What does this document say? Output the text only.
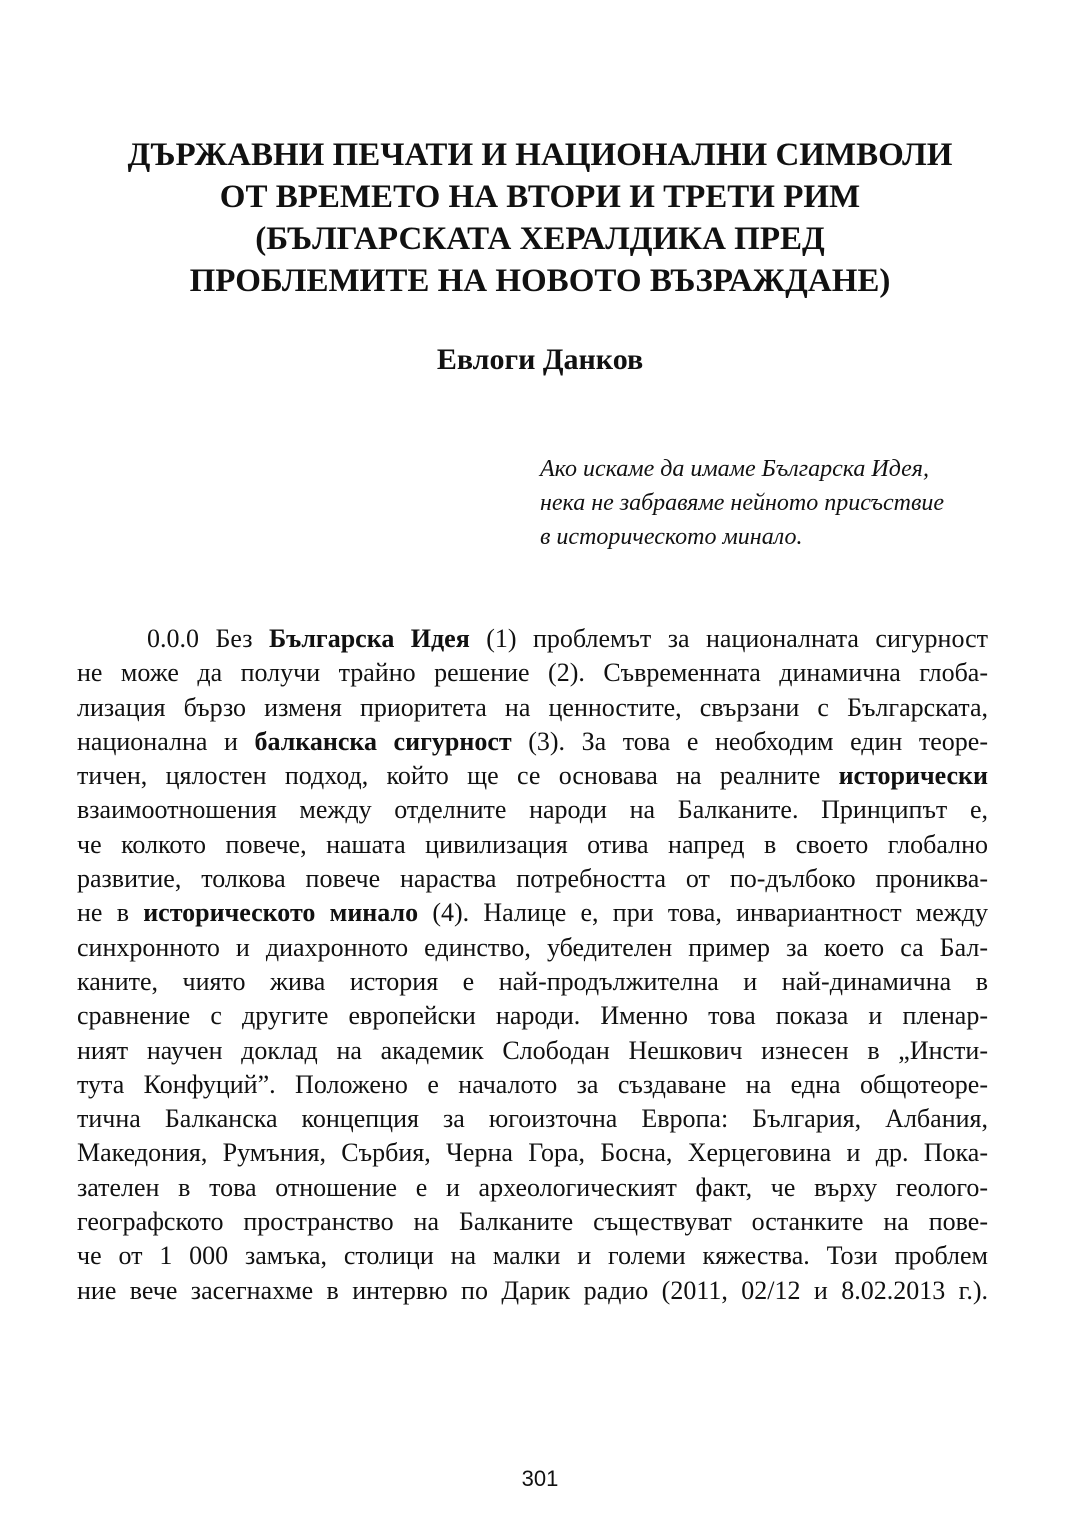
ДЪРЖАВНИ ПЕЧАТИ И НАЦИОНАЛНИ СИМВОЛИ
ОТ ВРЕМЕТО НА ВТОРИ И ТРЕТИ РИМ
(БЪЛГАРСКАТА ХЕРАЛДИКА ПРЕД
ПРОБЛЕМИТЕ НА НОВОТО ВЪЗРАЖДАНЕ)

Евлоги Данков

Ако искаме да имаме Българска Идея,
нека не забравяме нейното присъствие
в историческото минало.
0.0.0 Без Българска Идея (1) проблемът за националната сигурност
не може да получи трайно решение (2). Съвременната динамична глоба-
лизация бързо изменя приоритета на ценностите, свързани с Българската,
национална и балканска сигурност (3). За това е необходим един теоре-
тичен, цялостен подход, който ще се основава на реалните исторически
взаимоотношения между отделните народи на Балканите. Принципът е,
че колкото повече, нашата цивилизация отива напред в своето глобално
развитие, толкова повече нараства потребността от по-дълбоко прониква-
не в историческото минало (4). Налице е, при това, инвариантност между
синхронното и диахронното единство, убедителен пример за което са Бал-
каните, чиято жива история е най-продължителна и най-динамична в
сравнение с другите европейски народи. Именно това показа и пленар-
ният научен доклад на академик Слободан Нешкович изнесен в „Инсти-
тута Конфуций”. Положено е началото за създаване на една общотеоре-
тична Балканска концепция за югоизточна Европа: България, Албания,
Македония, Румъния, Сърбия, Черна Гора, Босна, Херцеговина и др. Пока-
зателен в това отношение е и археологическият факт, че върху геолого-
географското пространство на Балканите съществуват останките на пове-
че от 1 000 замъка, столици на малки и големи кяжества. Този проблем
ние вече засегнахме в интервю по Дарик радио (2011, 02/12 и 8.02.2013 г.).

301
